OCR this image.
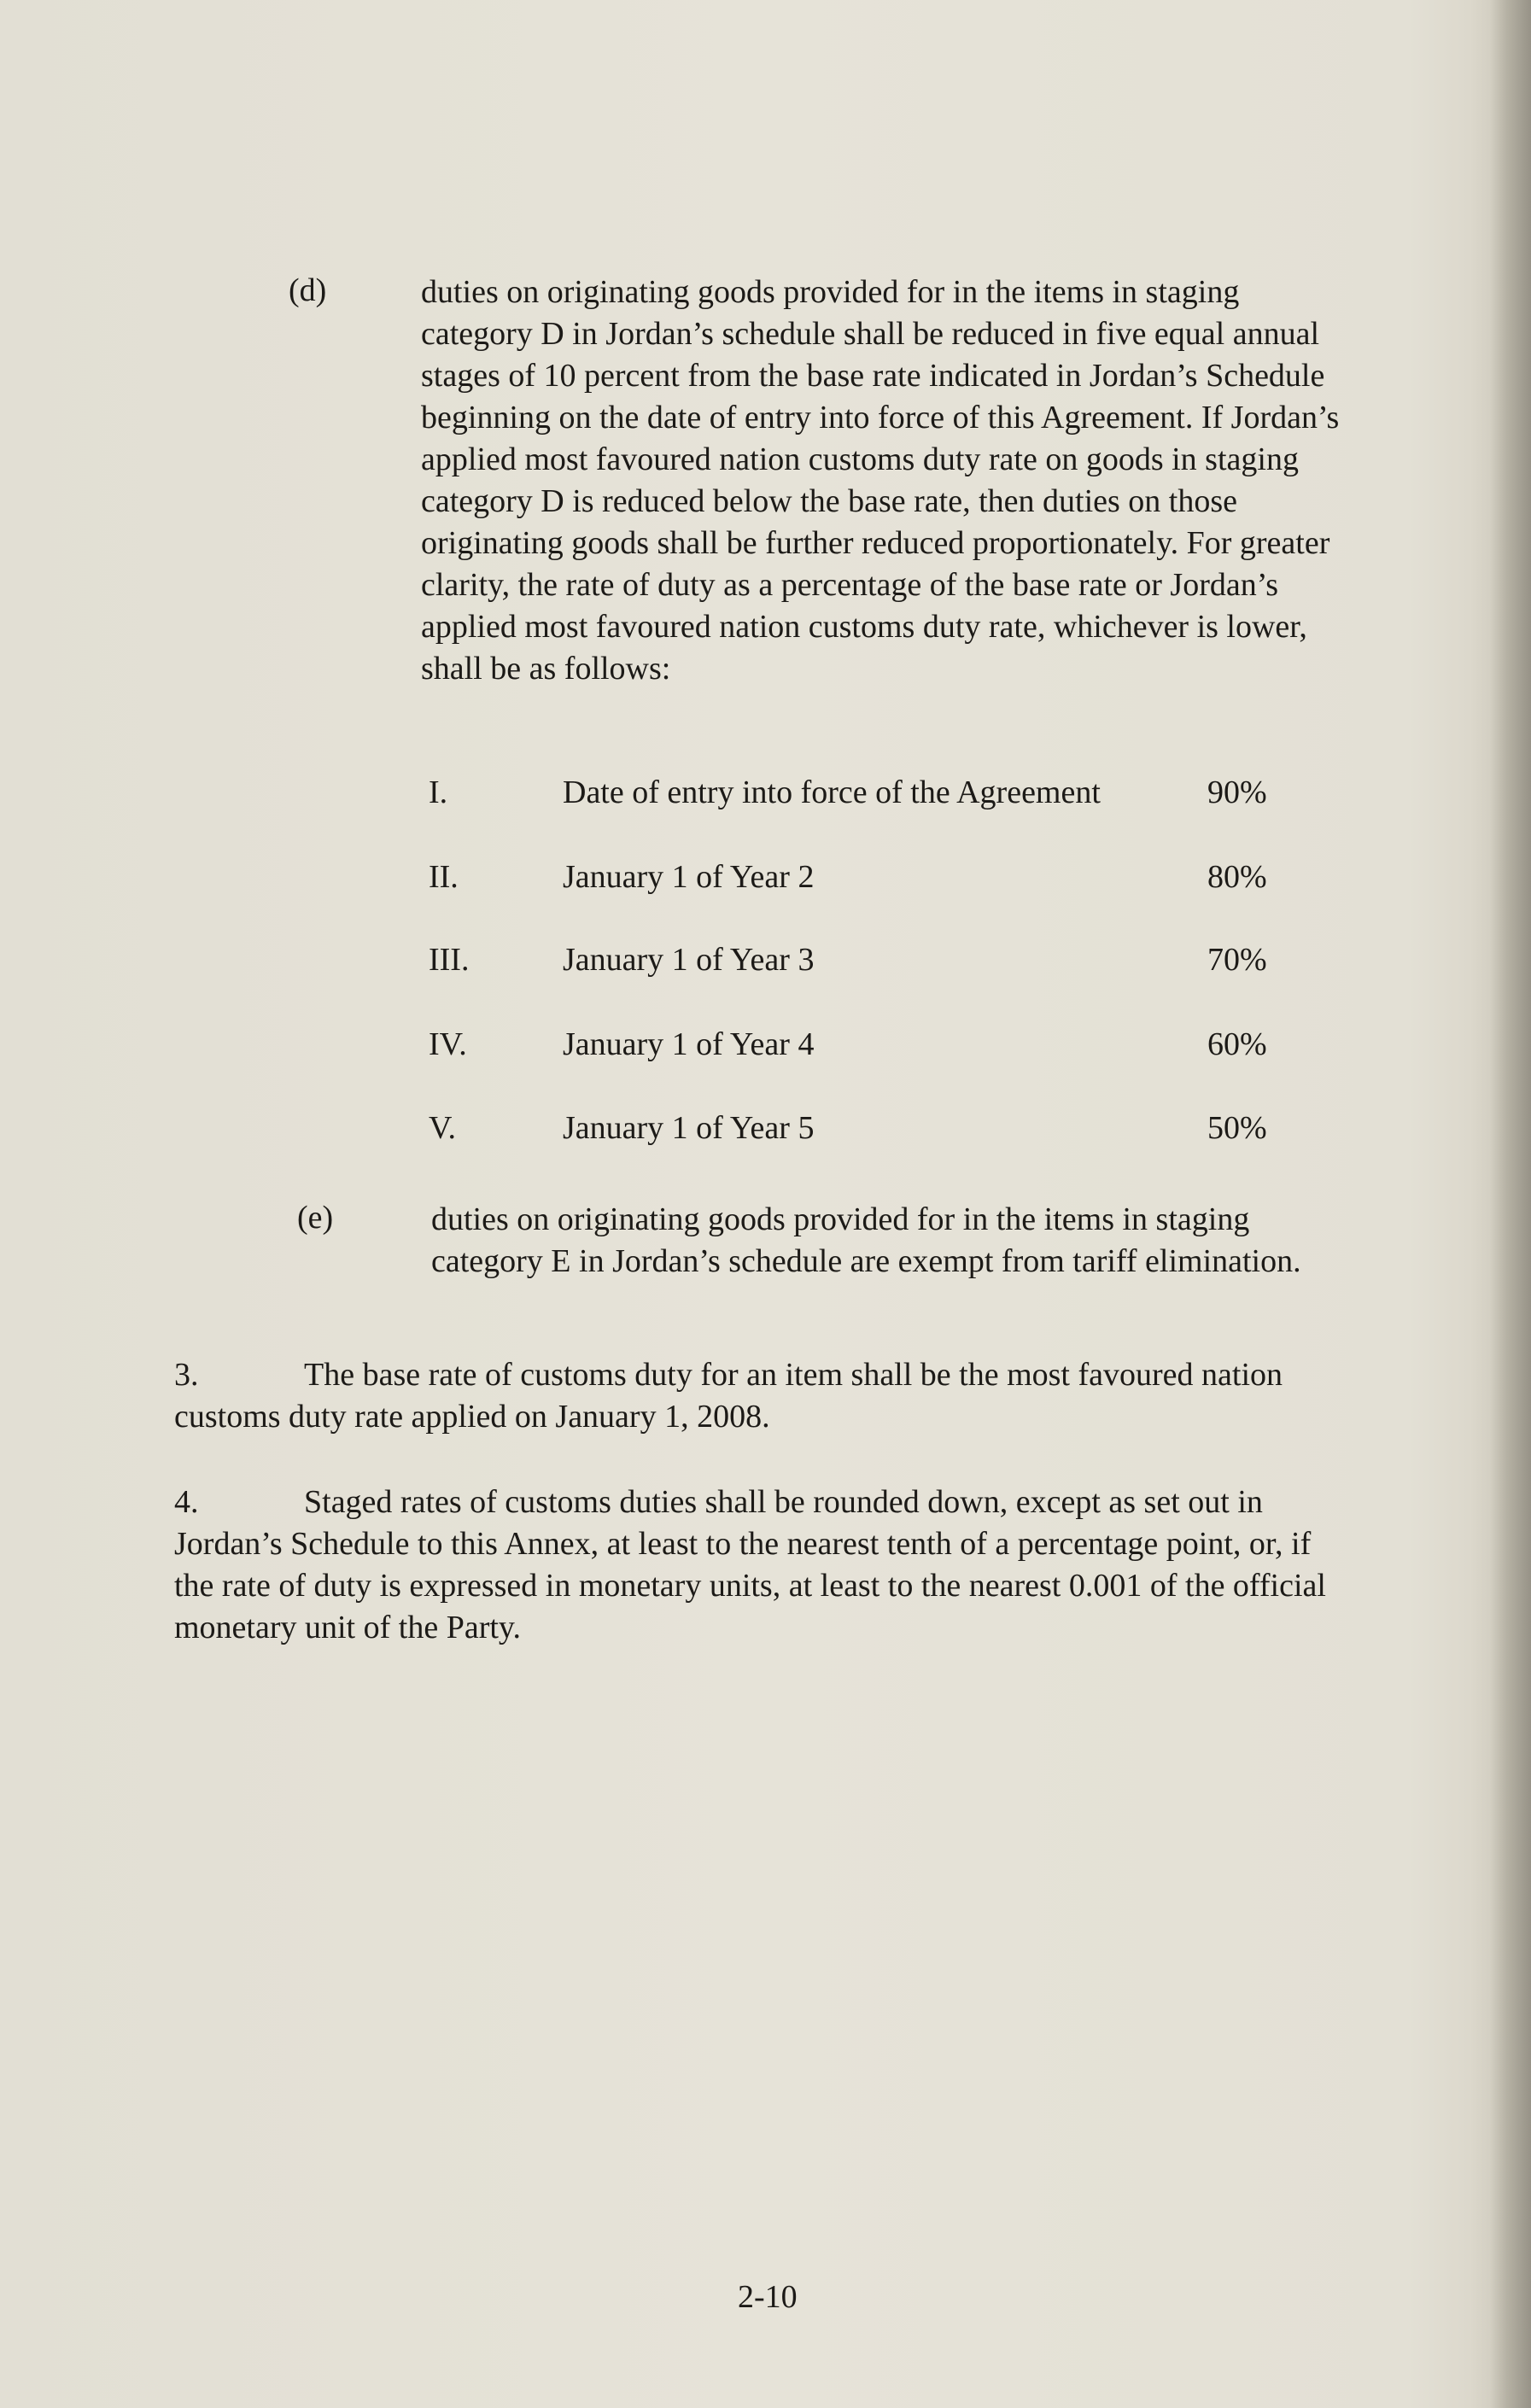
(d)	duties on originating goods provided for in the items in staging category D in Jordan’s schedule shall be reduced in five equal annual stages of 10 percent from the base rate indicated in Jordan’s Schedule beginning on the date of entry into force of this Agreement. If Jordan’s applied most favoured nation customs duty rate on goods in staging category D is reduced below the base rate, then duties on those originating goods shall be further reduced proportionately. For greater clarity, the rate of duty as a percentage of the base rate or Jordan’s applied most favoured nation customs duty rate, whichever is lower, shall be as follows:
I.	Date of entry into force of the Agreement	90%
II.	January 1 of Year 2	80%
III.	January 1 of Year 3	70%
IV.	January 1 of Year 4	60%
V.	January 1 of Year 5	50%
(e)	duties on originating goods provided for in the items in staging category E in Jordan’s schedule are exempt from tariff elimination.
3.	The base rate of customs duty for an item shall be the most favoured nation customs duty rate applied on January 1, 2008.
4.	Staged rates of customs duties shall be rounded down, except as set out in Jordan’s Schedule to this Annex, at least to the nearest tenth of a percentage point, or, if the rate of duty is expressed in monetary units, at least to the nearest 0.001 of the official monetary unit of the Party.
2-10
